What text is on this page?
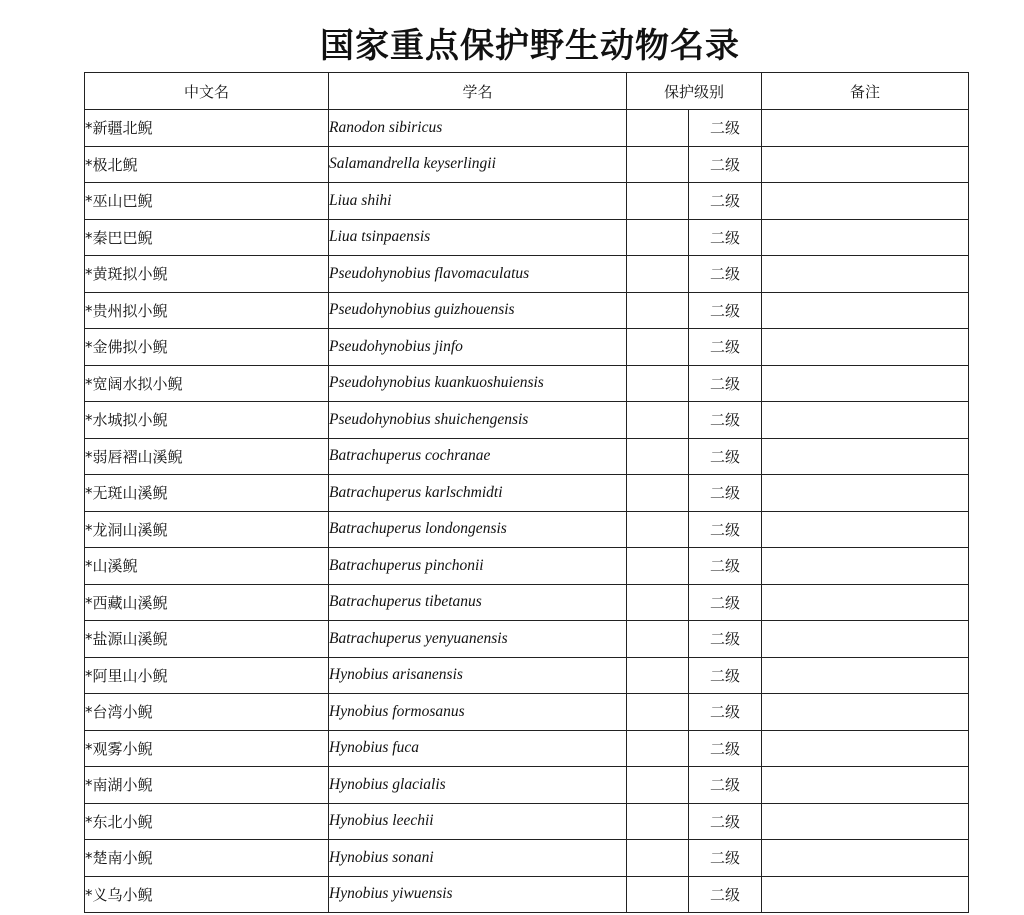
国家重点保护野生动物名录
中文名	学名	保护级别		备注
*新疆北鲵	Ranodon sibiricus		二级	
*极北鲵	Salamandrella keyserlingii		二级	
*巫山巴鲵	Liua shihi		二级	
*秦巴巴鲵	Liua tsinpaensis		二级	
*黄斑拟小鲵	Pseudohynobius flavomaculatus		二级	
*贵州拟小鲵	Pseudohynobius guizhouensis		二级	
*金佛拟小鲵	Pseudohynobius jinfo		二级	
*宽阔水拟小鲵	Pseudohynobius kuankuoshuiensis		二级	
*水城拟小鲵	Pseudohynobius shuichengensis		二级	
*弱唇褶山溪鲵	Batrachuperus cochranae		二级	
*无斑山溪鲵	Batrachuperus karlschmidti		二级	
*龙洞山溪鲵	Batrachuperus londongensis		二级	
*山溪鲵	Batrachuperus pinchonii		二级	
*西藏山溪鲵	Batrachuperus tibetanus		二级	
*盐源山溪鲵	Batrachuperus yenyuanensis		二级	
*阿里山小鲵	Hynobius arisanensis		二级	
*台湾小鲵	Hynobius formosanus		二级	
*观雾小鲵	Hynobius fuca		二级	
*南湖小鲵	Hynobius glacialis		二级	
*东北小鲵	Hynobius leechii		二级	
*楚南小鲵	Hynobius sonani		二级	
*义乌小鲵	Hynobius yiwuensis		二级	
